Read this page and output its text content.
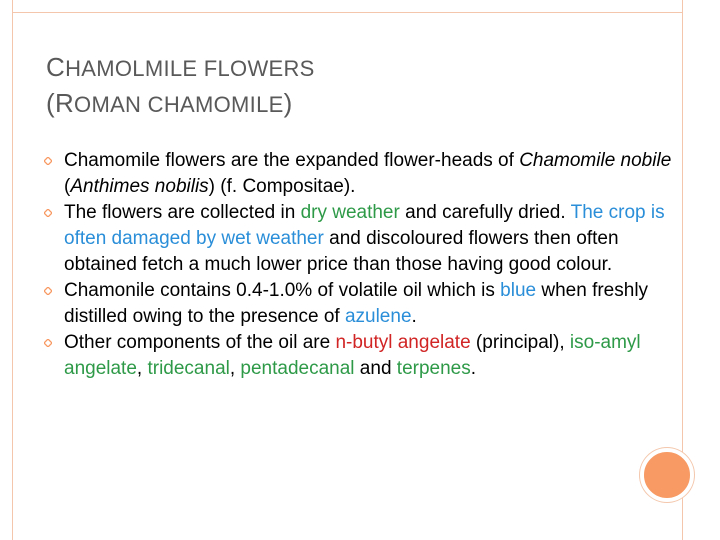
CHAMOLMILE FLOWERS
(ROMAN CHAMOMILE)
Chamomile flowers are the expanded flower-heads of Chamomile nobile (Anthimes nobilis) (f. Compositae).
The flowers are collected in dry weather and carefully dried. The crop is often damaged by wet weather and discoloured flowers then often obtained fetch a much lower price than those having good colour.
Chamonile contains 0.4-1.0% of volatile oil which is blue when freshly distilled owing to the presence of azulene.
Other components of the oil are n-butyl angelate (principal), iso-amyl angelate, tridecanal, pentadecanal and terpenes.
